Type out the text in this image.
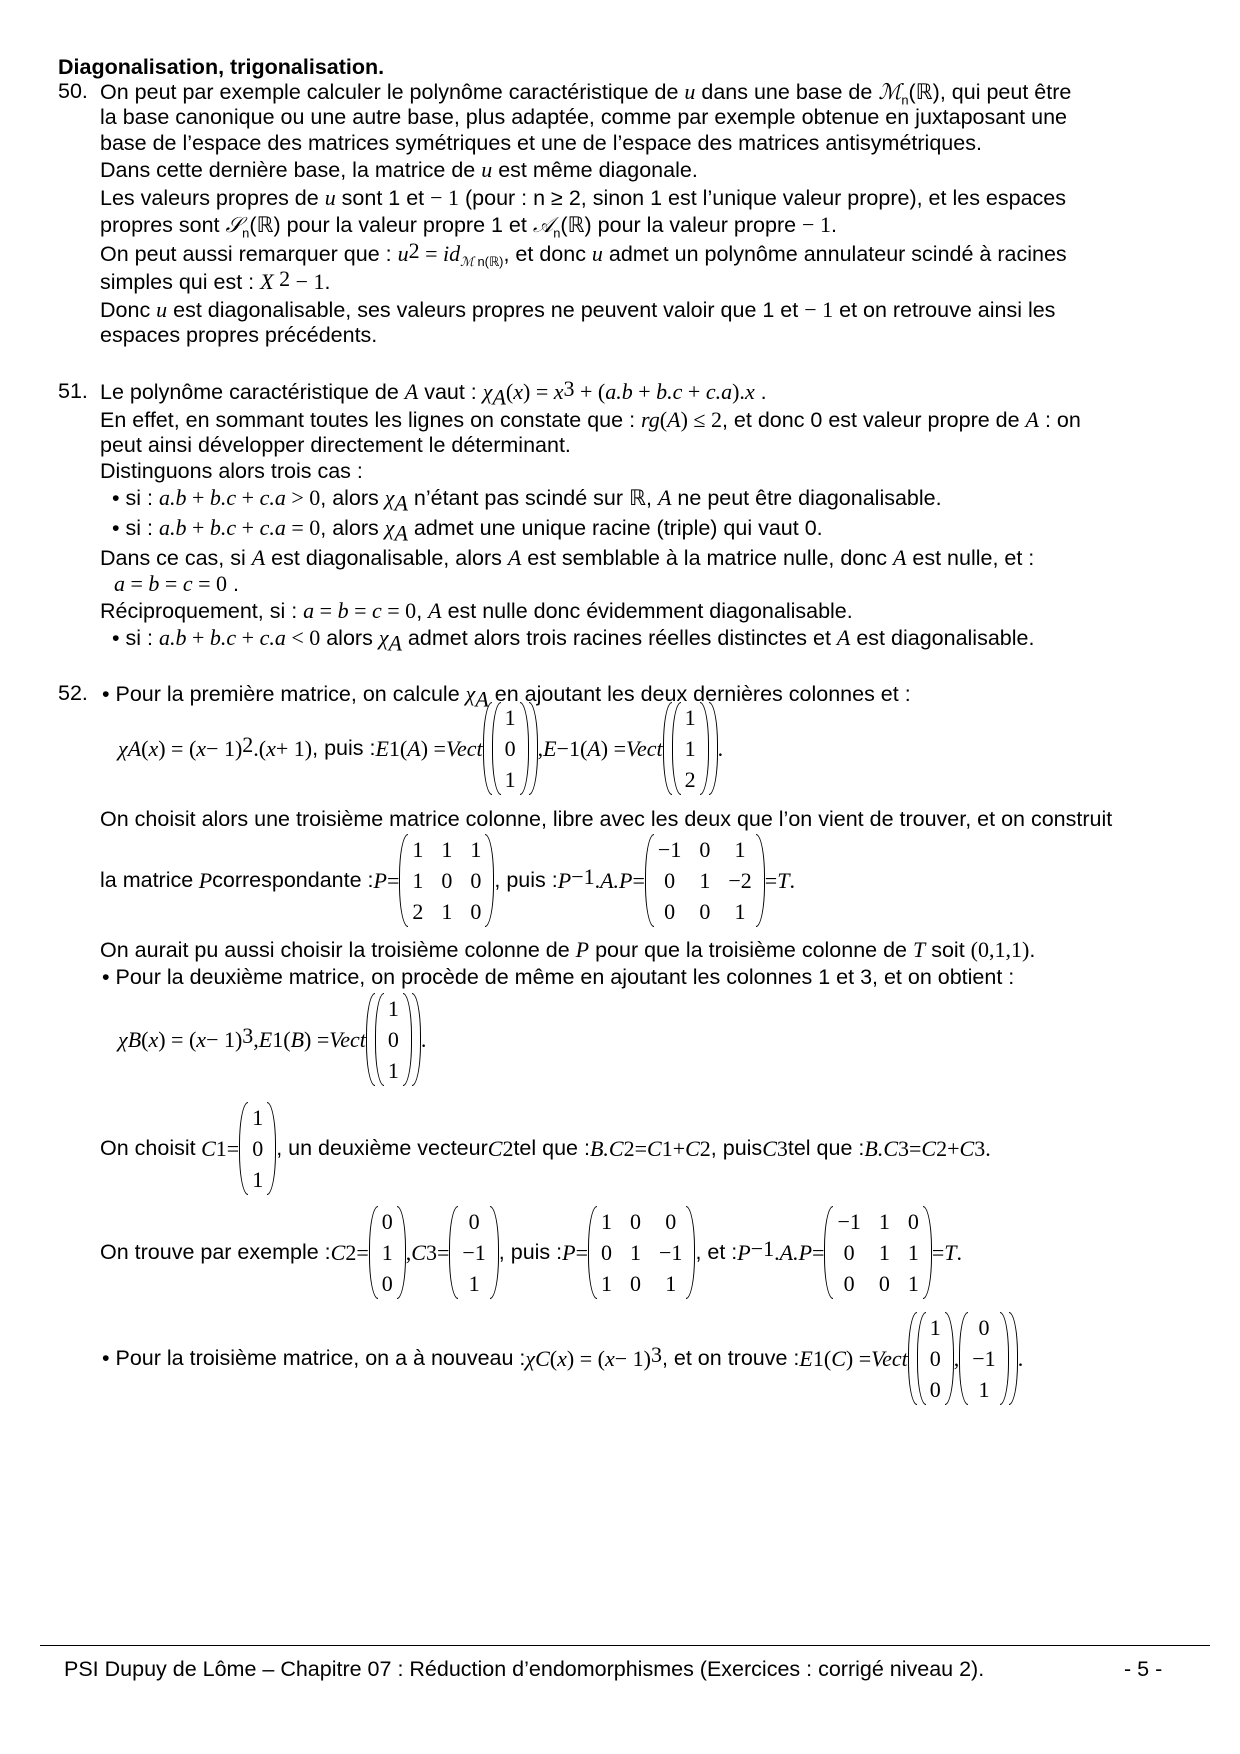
Diagonalisation, trigonalisation.
50. On peut par exemple calculer le polynôme caractéristique de u dans une base de ℳ$_n$(ℝ), qui peut être
la base canonique ou une autre base, plus adaptée, comme par exemple obtenue en juxtaposant une
base de l’espace des matrices symétriques et une de l’espace des matrices antisymétriques.
Dans cette dernière base, la matrice de u est même diagonale.
Les valeurs propres de u sont 1 et − 1 (pour : n ≥ 2, sinon 1 est l’unique valeur propre), et les espaces
propres sont 𝒮$_n$(ℝ) pour la valeur propre 1 et 𝒜$_n$(ℝ) pour la valeur propre − 1.
On peut aussi remarquer que : $u^2 = id_{ℳ n(ℝ)}$, et donc u admet un polynôme annulateur scindé à racines
simples qui est : X $^2$ − 1.
Donc u est diagonalisable, ses valeurs propres ne peuvent valoir que 1 et − 1 et on retrouve ainsi les
espaces propres précédents.
51. Le polynôme caractéristique de A vaut : $\chi_A(x) = x^3 + (a.b + b.c + c.a).x$ .
En effet, en sommant toutes les lignes on constate que : rg(A) ≤ 2, et donc 0 est valeur propre de A : on
peut ainsi développer directement le déterminant.
Distinguons alors trois cas :
• si : a.b + b.c + c.a > 0, alors $\chi_A$ n’étant pas scindé sur ℝ, A ne peut être diagonalisable.
• si : a.b + b.c + c.a = 0, alors $\chi_A$ admet une unique racine (triple) qui vaut 0.
Dans ce cas, si A est diagonalisable, alors A est semblable à la matrice nulle, donc A est nulle, et :
a = b = c = 0 .
Réciproquement, si : a = b = c = 0, A est nulle donc évidemment diagonalisable.
• si : a.b + b.c + c.a < 0 alors $\chi_A$ admet alors trois racines réelles distinctes et A est diagonalisable.
52. • Pour la première matrice, on calcule $\chi_A$ en ajoutant les deux dernières colonnes et :
χ A ( x ) = ( x − 1)$^2$ .( x + 1) , puis : E 1 ( A ) = Vect
1
0
1
, E −1 ( A ) = Vect
1
1
2
.
On choisit alors une troisième matrice colonne, libre avec les deux que l’on vient de trouver, et on construit
la matrice P correspondante : P =
1 1 1
1 0 0
2 1 0
, puis : $P^{-1}$ . A.P =
−1 0 1
0 1 −2
0 0 1
= T .
On aurait pu aussi choisir la troisième colonne de P pour que la troisième colonne de T soit (0,1,1).
• Pour la deuxième matrice, on procède de même en ajoutant les colonnes 1 et 3, et on obtient :
χ B ( x ) = ( x − 1)$^3$ , E 1 ( B ) = Vect
1
0
1
.
On choisit C 1 =
1
0
1
, un deuxième vecteur C 2 tel que : B.C 2 = C 1 + C 2 , puis C 3 tel que : B.C 3 = C 2 + C 3 .
On trouve par exemple : C 2 =
0
1
0
, C 3 =
0
−1
1
, puis : P =
1 0 0
0 1 −1
1 0 1
, et : $P^{-1}$ . A.P =
−1 1 0
0 1 1
0 0 1
= T .
• Pour la troisième matrice, on a à nouveau : χ C ( x ) = ( x − 1)$^3$ , et on trouve : E 1 ( C ) = Vect
1
0
0
,
0
−1
1
.
PSI Dupuy de Lôme – Chapitre 07 : Réduction d’endomorphismes (Exercices : corrigé niveau 2).	- 5 -
